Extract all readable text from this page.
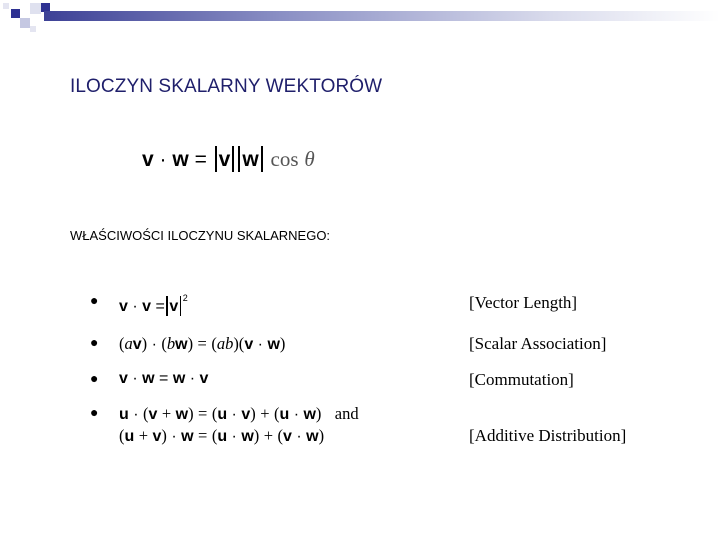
ILOCZYN SKALARNY WEKTORÓW
v · w = ‖ v ‖ w ‖ cos θ
WŁAŚCIWOŚCI ILOCZYNU SKALARNEGO:
● v · v = ‖ v ‖ $^2$	[Vector Length]
● (av) · (bw) = (ab)(v · w)	[Scalar Association]
● v · w = w · v	[Commutation]
● u · (v + w) = (u · v) + (u · w) and
(u + v) · w = (u · w) + (v · w)	[Additive Distribution]
